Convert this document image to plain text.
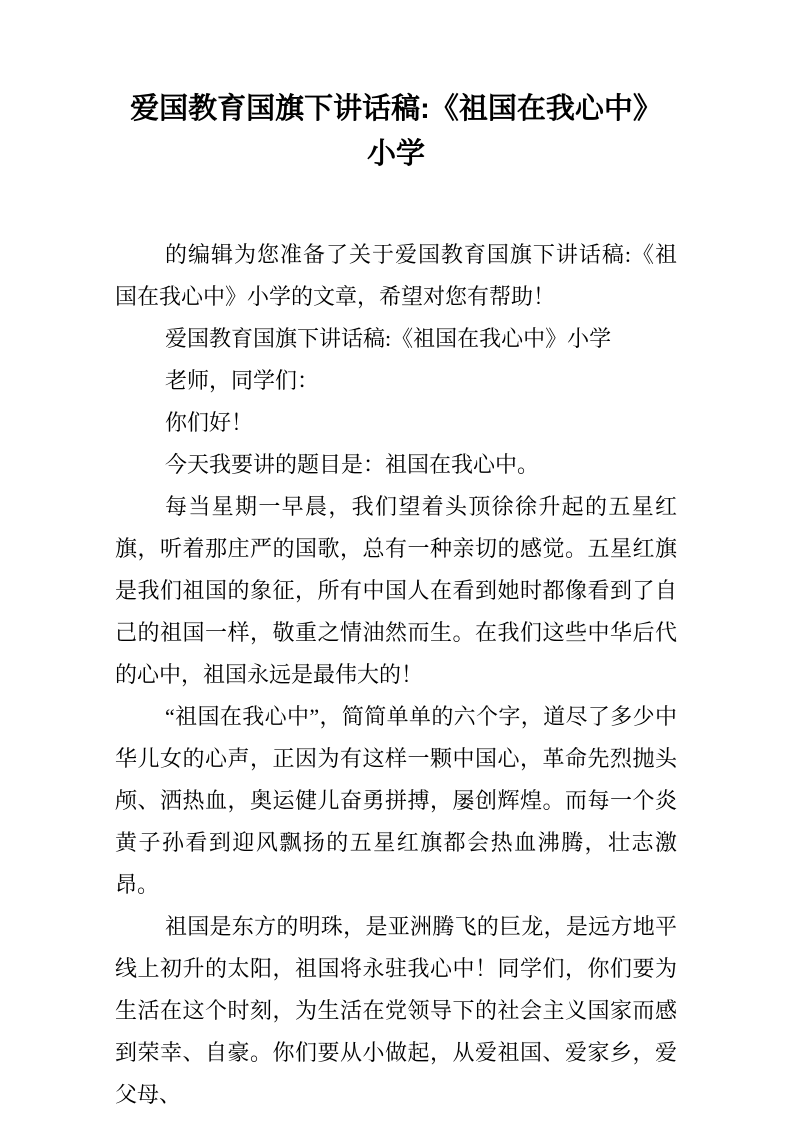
爱国教育国旗下讲话稿:《祖国在我心中》
小学

的编辑为您准备了关于爱国教育国旗下讲话稿:《祖国在我心中》小学的文章，希望对您有帮助！

爱国教育国旗下讲话稿:《祖国在我心中》小学

老师，同学们：

你们好！

今天我要讲的题目是：祖国在我心中。

每当星期一早晨，我们望着头顶徐徐升起的五星红旗，听着那庄严的国歌，总有一种亲切的感觉。五星红旗是我们祖国的象征，所有中国人在看到她时都像看到了自己的祖国一样，敬重之情油然而生。在我们这些中华后代的心中，祖国永远是最伟大的！

“祖国在我心中”，简简单单的六个字，道尽了多少中华儿女的心声，正因为有这样一颗中国心，革命先烈抛头颅、洒热血，奥运健儿奋勇拼搏，屡创辉煌。而每一个炎黄子孙看到迎风飘扬的五星红旗都会热血沸腾，壮志激昂。

祖国是东方的明珠，是亚洲腾飞的巨龙，是远方地平线上初升的太阳，祖国将永驻我心中！同学们，你们要为生活在这个时刻，为生活在党领导下的社会主义国家而感到荣幸、自豪。你们要从小做起，从爱祖国、爱家乡，爱父母、
